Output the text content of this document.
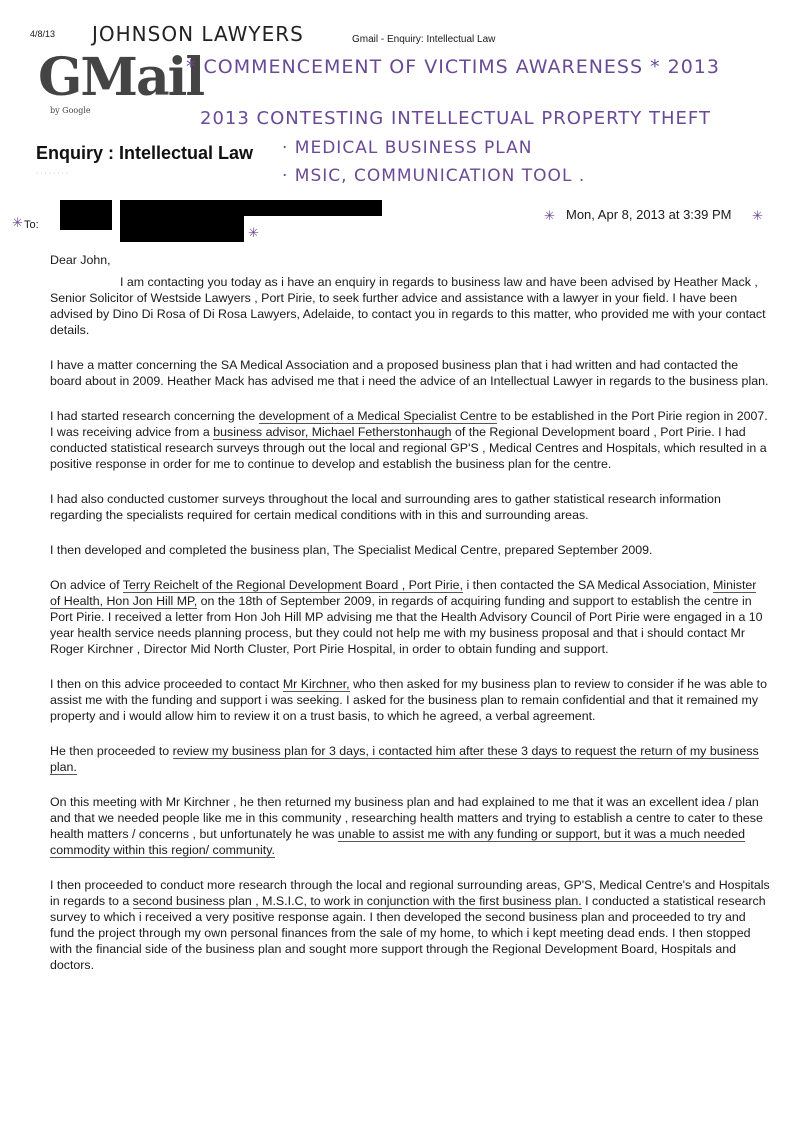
4/8/13 JOHNSON LAWYERS	Gmail - Enquiry: Intellectual Law
GMail
by Google
* COMMENCEMENT OF VICTIMS AWARENESS * 2013
2013 CONTESTING INTELLECTUAL PROPERTY THEFT
· MEDICAL BUSINESS PLAN
· MSIC, COMMUNICATION TOOL .
Enquiry : Intellectual Law
· · · · · · · ·
✳ To:	✳
✳ Mon, Apr 8, 2013 at 3:39 PM ✳

Dear John,

I am contacting you today as i have an enquiry in regards to business law and have been advised by Heather Mack , Senior Solicitor of Westside Lawyers , Port Pirie, to seek further advice and assistance with a lawyer in your field. I have been advised by Dino Di Rosa of Di Rosa Lawyers, Adelaide, to contact you in regards to this matter, who provided me with your contact details.

I have a matter concerning the SA Medical Association and a proposed business plan that i had written and had contacted the board about in 2009. Heather Mack has advised me that i need the advice of an Intellectual Lawyer in regards to the business plan.

I had started research concerning the development of a Medical Specialist Centre to be established in the Port Pirie region in 2007. I was receiving advice from a business advisor, Michael Fetherstonhaugh of the Regional Development board , Port Pirie. I had conducted statistical research surveys through out the local and regional GP'S , Medical Centres and Hospitals, which resulted in a positive response in order for me to continue to develop and establish the business plan for the centre.

I had also conducted customer surveys throughout the local and surrounding ares to gather statistical research information regarding the specialists required for certain medical conditions with in this and surrounding areas.

I then developed and completed the business plan, The Specialist Medical Centre, prepared September 2009.

On advice of Terry Reichelt of the Regional Development Board , Port Pirie, i then contacted the SA Medical Association, Minister of Health, Hon Jon Hill MP, on the 18th of September 2009, in regards of acquiring funding and support to establish the centre in Port Pirie. I received a letter from Hon Joh Hill MP advising me that the Health Advisory Council of Port Pirie were engaged in a 10 year health service needs planning process, but they could not help me with my business proposal and that i should contact Mr Roger Kirchner , Director Mid North Cluster, Port Pirie Hospital, in order to obtain funding and support.

I then on this advice proceeded to contact Mr Kirchner, who then asked for my business plan to review to consider if he was able to assist me with the funding and support i was seeking. I asked for the business plan to remain confidential and that it remained my property and i would allow him to review it on a trust basis, to which he agreed, a verbal agreement.

He then proceeded to review my business plan for 3 days, i contacted him after these 3 days to request the return of my business plan.

On this meeting with Mr Kirchner , he then returned my business plan and had explained to me that it was an excellent idea / plan and that we needed people like me in this community , researching health matters and trying to establish a centre to cater to these health matters / concerns , but unfortunately he was unable to assist me with any funding or support, but it was a much needed commodity within this region/ community.

I then proceeded to conduct more research through the local and regional surrounding areas, GP'S, Medical Centre's and Hospitals in regards to a second business plan , M.S.I.C, to work in conjunction with the first business plan. I conducted a statistical research survey to which i received a very positive response again. I then developed the second business plan and proceeded to try and fund the project through my own personal finances from the sale of my home, to which i kept meeting dead ends. I then stopped with the financial side of the business plan and sought more support through the Regional Development Board, Hospitals and doctors.
